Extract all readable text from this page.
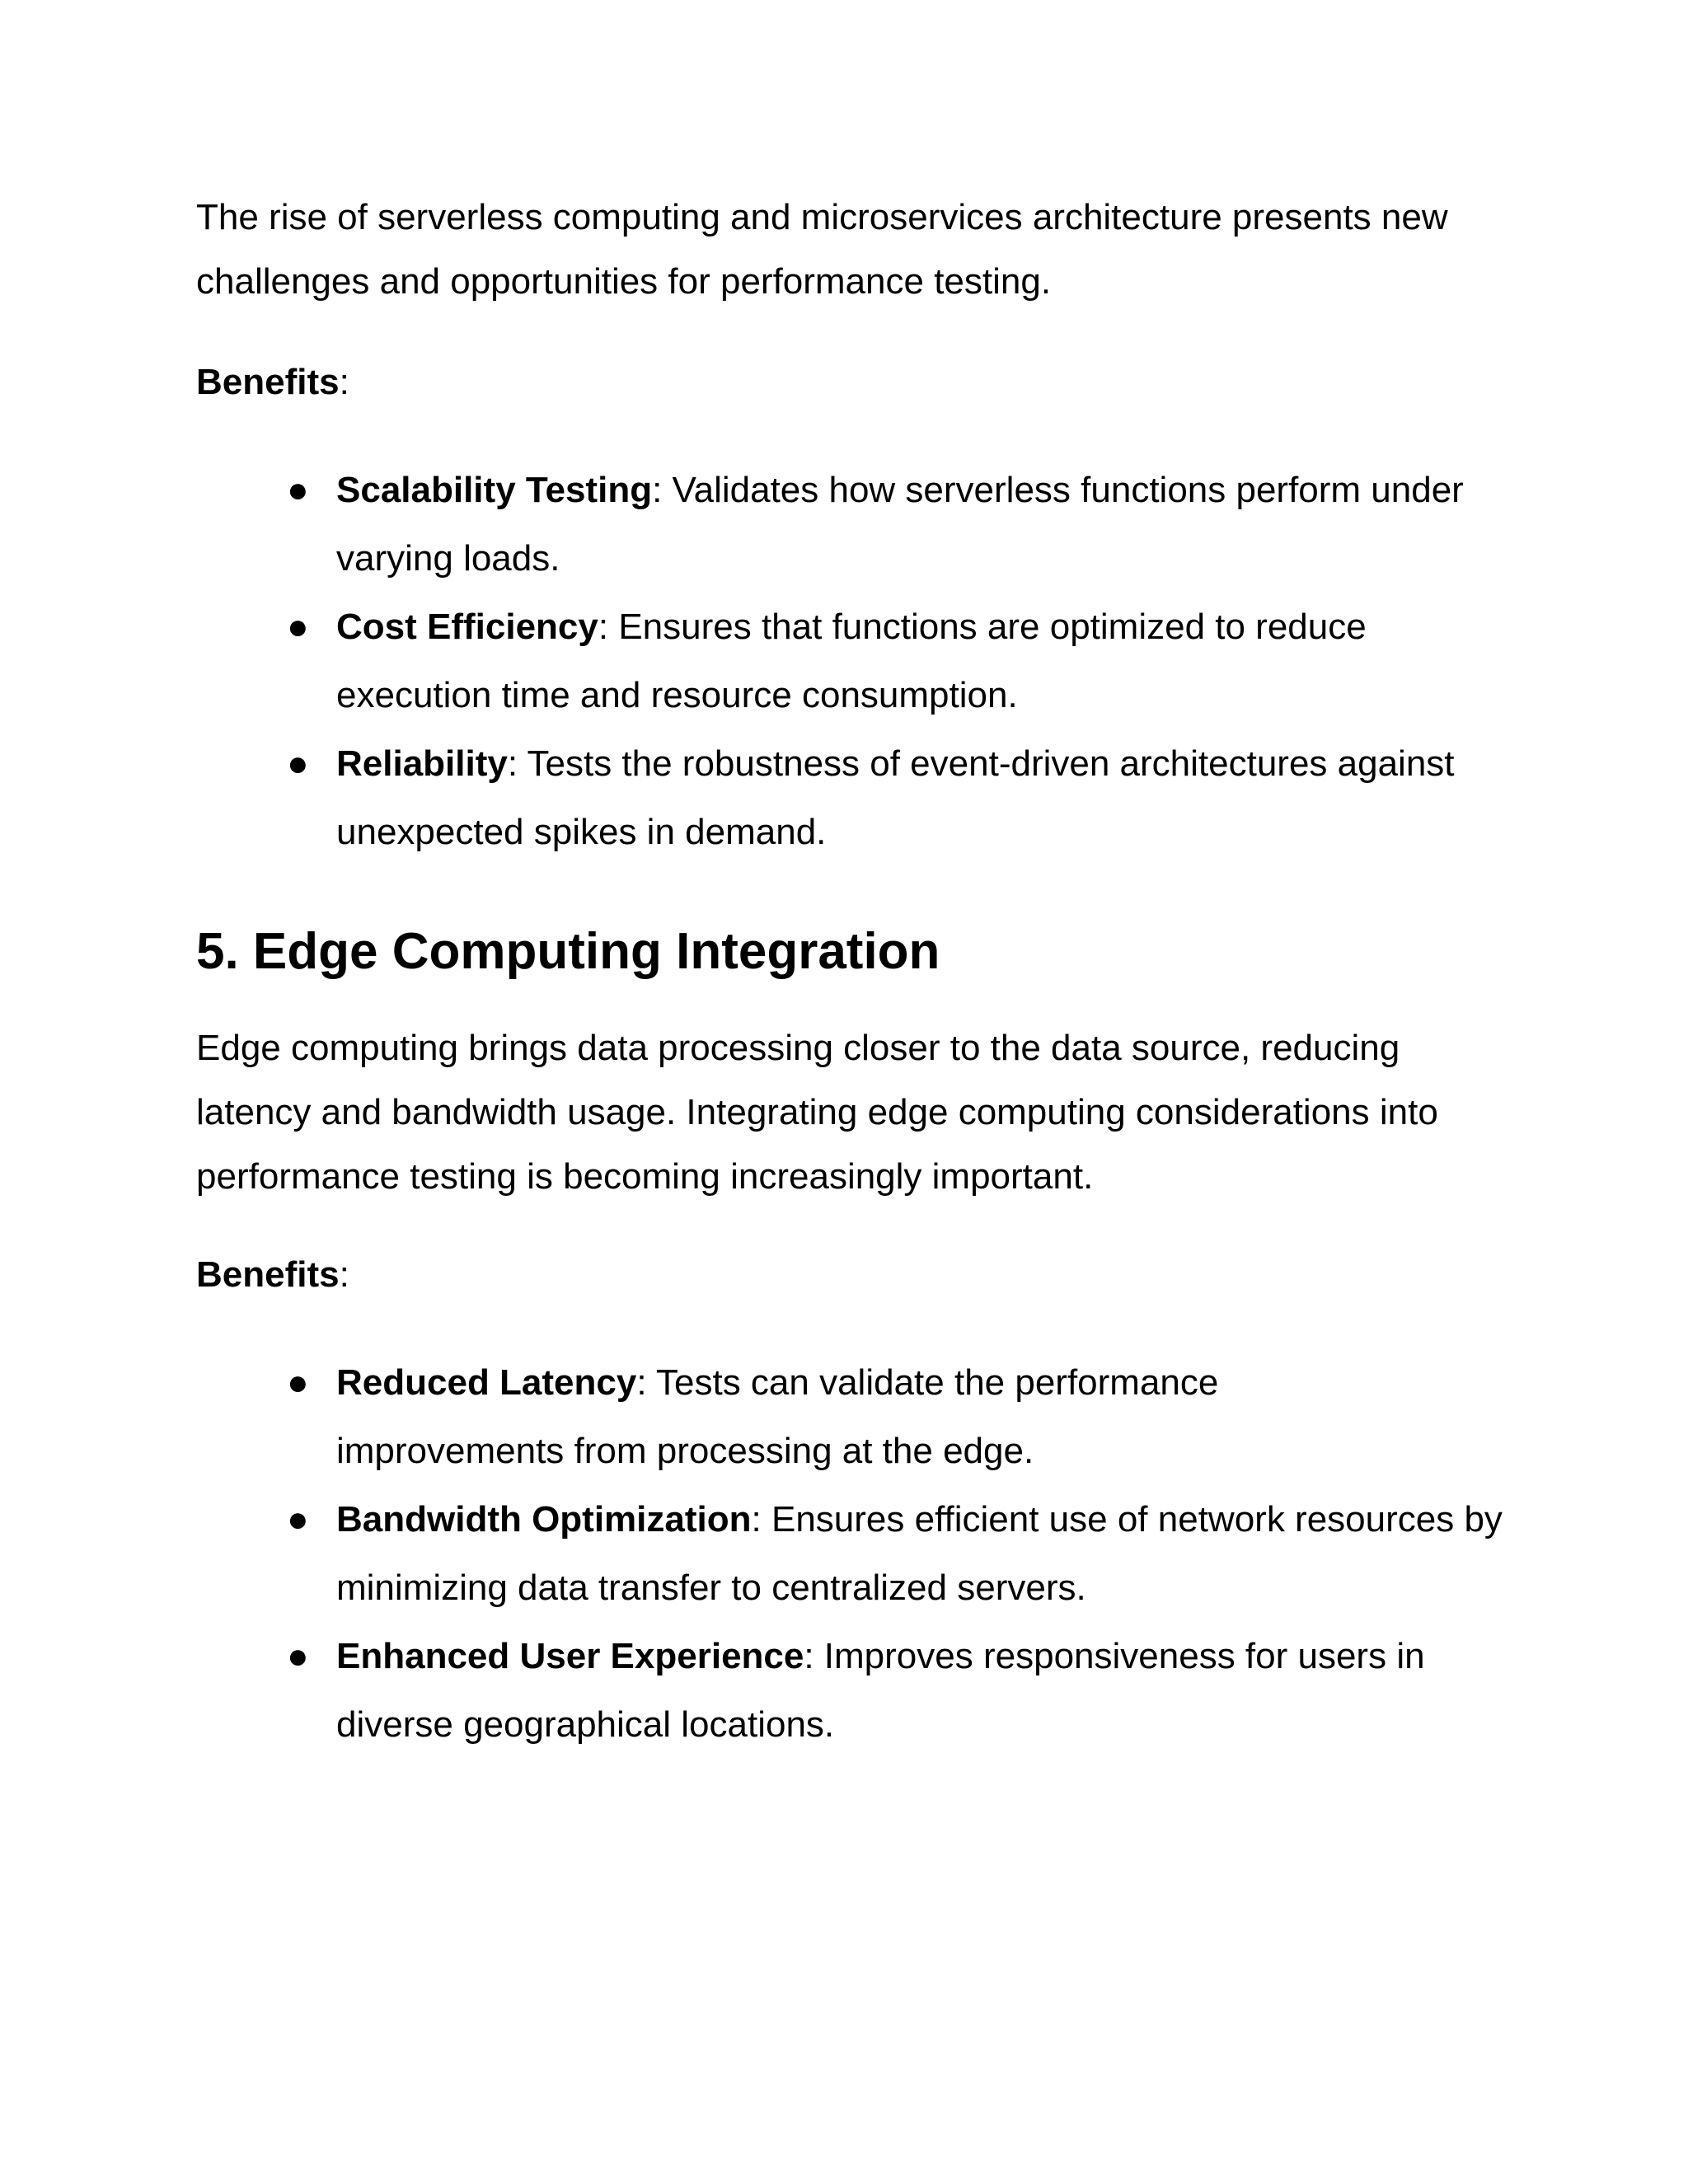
The rise of serverless computing and microservices architecture presents new challenges and opportunities for performance testing.

Benefits:

● Scalability Testing: Validates how serverless functions perform under varying loads.
● Cost Efficiency: Ensures that functions are optimized to reduce execution time and resource consumption.
● Reliability: Tests the robustness of event-driven architectures against unexpected spikes in demand.
5. Edge Computing Integration

Edge computing brings data processing closer to the data source, reducing latency and bandwidth usage. Integrating edge computing considerations into performance testing is becoming increasingly important.

Benefits:

● Reduced Latency: Tests can validate the performance improvements from processing at the edge.
● Bandwidth Optimization: Ensures efficient use of network resources by minimizing data transfer to centralized servers.
● Enhanced User Experience: Improves responsiveness for users in diverse geographical locations.
